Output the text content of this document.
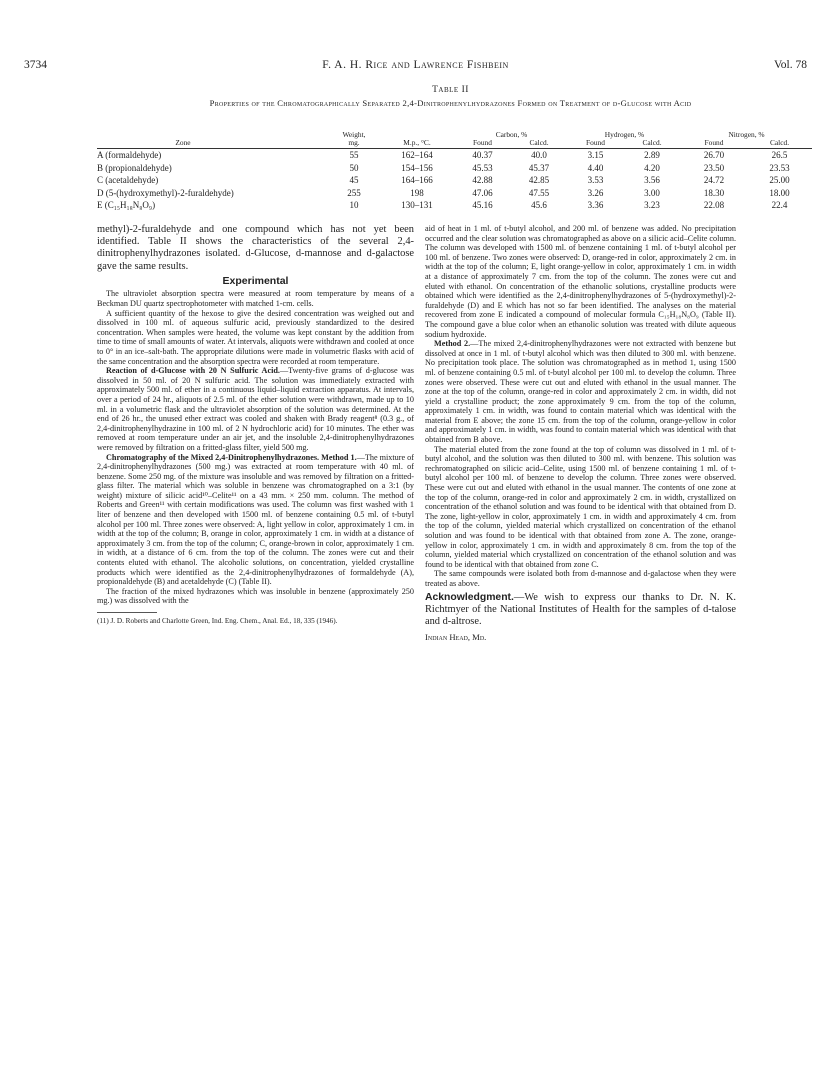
3734	F. A. H. Rice and Lawrence Fishbein	Vol. 78
Table II
Properties of the Chromatographically Separated 2,4-Dinitrophenylhydrazones Formed on Treatment of d-Glucose with Acid
	Weight,		Carbon, %		Hydrogen, %		Nitrogen, %	
Zone	mg.	M.p., °C.	Found	Calcd.	Found	Calcd.	Found	Calcd.
A (formaldehyde)	55	162–164	40.37	40.0	3.15	2.89	26.70	26.5
B (propionaldehyde)	50	154–156	45.53	45.37	4.40	4.20	23.50	23.53
C (acetaldehyde)	45	164–166	42.88	42.85	3.53	3.56	24.72	25.00
D (5-(hydroxymethyl)-2-furaldehyde)	255	198	47.06	47.55	3.26	3.00	18.30	18.00
E (C₁₅H₁₈N₈O₉)	10	130–131	45.16	45.6	3.36	3.23	22.08	22.4

methyl)-2-furaldehyde and one compound which has not yet been identified. Table II shows the characteristics of the several 2,4-dinitrophenylhydrazones isolated. d-Glucose, d-mannose and d-galactose gave the same results.

Experimental

The ultraviolet absorption spectra were measured at room temperature by means of a Beckman DU quartz spectrophotometer with matched 1-cm. cells.

A sufficient quantity of the hexose to give the desired concentration was weighed out and dissolved in 100 ml. of aqueous sulfuric acid, previously standardized to the desired concentration. When samples were heated, the volume was kept constant by the addition from time to time of small amounts of water. At intervals, aliquots were withdrawn and cooled at once to 0° in an ice–salt-bath. The appropriate dilutions were made in volumetric flasks with acid of the same concentration and the absorption spectra were recorded at room temperature.

Reaction of d-Glucose with 20 N Sulfuric Acid.—Twenty-five grams of d-glucose was dissolved in 50 ml. of 20 N sulfuric acid. The solution was immediately extracted with approximately 500 ml. of ether in a continuous liquid–liquid extraction apparatus. At intervals, over a period of 24 hr., aliquots of 2.5 ml. of the ether solution were withdrawn, made up to 10 ml. in a volumetric flask and the ultraviolet absorption of the solution was determined. At the end of 26 hr., the unused ether extract was cooled and shaken with Brady reagent⁸ (0.3 g., of 2,4-dinitrophenylhydrazine in 100 ml. of 2 N hydrochloric acid) for 10 minutes. The ether was removed at room temperature under an air jet, and the insoluble 2,4-dinitrophenylhydrazones were removed by filtration on a fritted-glass filter, yield 500 mg.

Chromatography of the Mixed 2,4-Dinitrophenylhydrazones. Method 1.—The mixture of 2,4-dinitrophenylhydrazones (500 mg.) was extracted at room temperature with 40 ml. of benzene. Some 250 mg. of the mixture was insoluble and was removed by filtration on a fritted-glass filter. The material which was soluble in benzene was chromatographed on a 3:1 (by weight) mixture of silicic acid¹⁰–Celite¹¹ on a 43 mm. × 250 mm. column. The method of Roberts and Green¹¹ with certain modifications was used. The column was first washed with 1 liter of benzene and then developed with 1500 ml. of benzene containing 0.5 ml. of t-butyl alcohol per 100 ml. Three zones were observed: A, light yellow in color, approximately 1 cm. in width at the top of the column; B, orange in color, approximately 1 cm. in width at a distance of approximately 3 cm. from the top of the column; C, orange-brown in color, approximately 1 cm. in width, at a distance of 6 cm. from the top of the column. The zones were cut and their contents eluted with ethanol. The alcoholic solutions, on concentration, yielded crystalline products which were identified as the 2,4-dinitrophenylhydrazones of formaldehyde (A), propionaldehyde (B) and acetaldehyde (C) (Table II).

The fraction of the mixed hydrazones which was insoluble in benzene (approximately 250 mg.) was dissolved with the

(11) J. D. Roberts and Charlotte Green, Ind. Eng. Chem., Anal. Ed., 18, 335 (1946).

aid of heat in 1 ml. of t-butyl alcohol, and 200 ml. of benzene was added. No precipitation occurred and the clear solution was chromatographed as above on a silicic acid–Celite column. The column was developed with 1500 ml. of benzene containing 1 ml. of t-butyl alcohol per 100 ml. of benzene. Two zones were observed: D, orange-red in color, approximately 2 cm. in width at the top of the column; E, light orange-yellow in color, approximately 1 cm. in width at a distance of approximately 7 cm. from the top of the column. The zones were cut and eluted with ethanol. On concentration of the ethanolic solutions, crystalline products were obtained which were identified as the 2,4-dinitrophenylhydrazones of 5-(hydroxymethyl)-2-furaldehyde (D) and E which has not so far been identified. The analyses on the material recovered from zone E indicated a compound of molecular formula C₁₅H₁₈N₈O₉ (Table II). The compound gave a blue color when an ethanolic solution was treated with dilute aqueous sodium hydroxide.

Method 2.—The mixed 2,4-dinitrophenylhydrazones were not extracted with benzene but dissolved at once in 1 ml. of t-butyl alcohol which was then diluted to 300 ml. with benzene. No precipitation took place. The solution was chromatographed as in method 1, using 1500 ml. of benzene containing 0.5 ml. of t-butyl alcohol per 100 ml. to develop the column. Three zones were observed. These were cut out and eluted with ethanol in the usual manner. The zone at the top of the column, orange-red in color and approximately 2 cm. in width, did not yield a crystalline product; the zone approximately 9 cm. from the top of the column, approximately 1 cm. in width, was found to contain material which was identical with the material from E above; the zone 15 cm. from the top of the column, orange-yellow in color and approximately 1 cm. in width, was found to contain material which was identical with that obtained from B above.

The material eluted from the zone found at the top of column was dissolved in 1 ml. of t-butyl alcohol, and the solution was then diluted to 300 ml. with benzene. This solution was rechromatographed on silicic acid–Celite, using 1500 ml. of benzene containing 1 ml. of t-butyl alcohol per 100 ml. of benzene to develop the column. Three zones were observed. These were cut out and eluted with ethanol in the usual manner. The contents of one zone at the top of the column, orange-red in color and approximately 2 cm. in width, crystallized on concentration of the ethanol solution and was found to be identical with that obtained from D. The zone, light-yellow in color, approximately 1 cm. in width and approximately 4 cm. from the top of the column, yielded material which crystallized on concentration of the ethanol solution and was found to be identical with that obtained from zone A. The zone, orange-yellow in color, approximately 1 cm. in width and approximately 8 cm. from the top of the column, yielded material which crystallized on concentration of the ethanol solution and was found to be identical with that obtained from zone C.

The same compounds were isolated both from d-mannose and d-galactose when they were treated as above.

Acknowledgment.—We wish to express our thanks to Dr. N. K. Richtmyer of the National Institutes of Health for the samples of d-talose and d-altrose.
Indian Head, Md.
